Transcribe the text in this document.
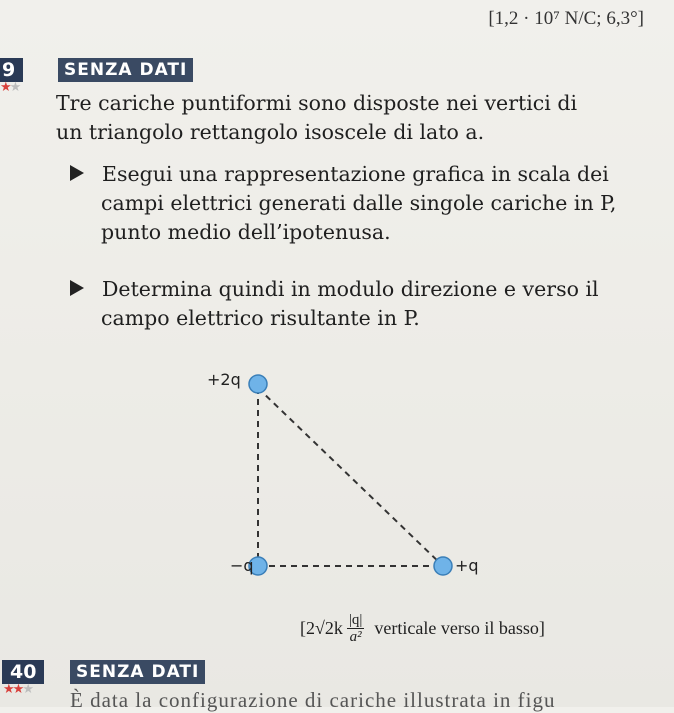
[1,2 · 10⁷ N/C; 6,3°]
9	SENZA DATI
★★
Tre cariche puntiformi sono disposte nei vertici di
un triangolo rettangolo isoscele di lato a.
Esegui una rappresentazione grafica in scala dei
campi elettrici generati dalle singole cariche in P,
punto medio dell’ipotenusa.
Determina quindi in modulo direzione e verso il
campo elettrico risultante in P.
+2q
−q	+q
[$2√2k \frac{|q|}{\text{a²}}$ verticale verso il basso]
40	SENZA DATI
★★★ È data la configurazione di cariche illustrata in figu
